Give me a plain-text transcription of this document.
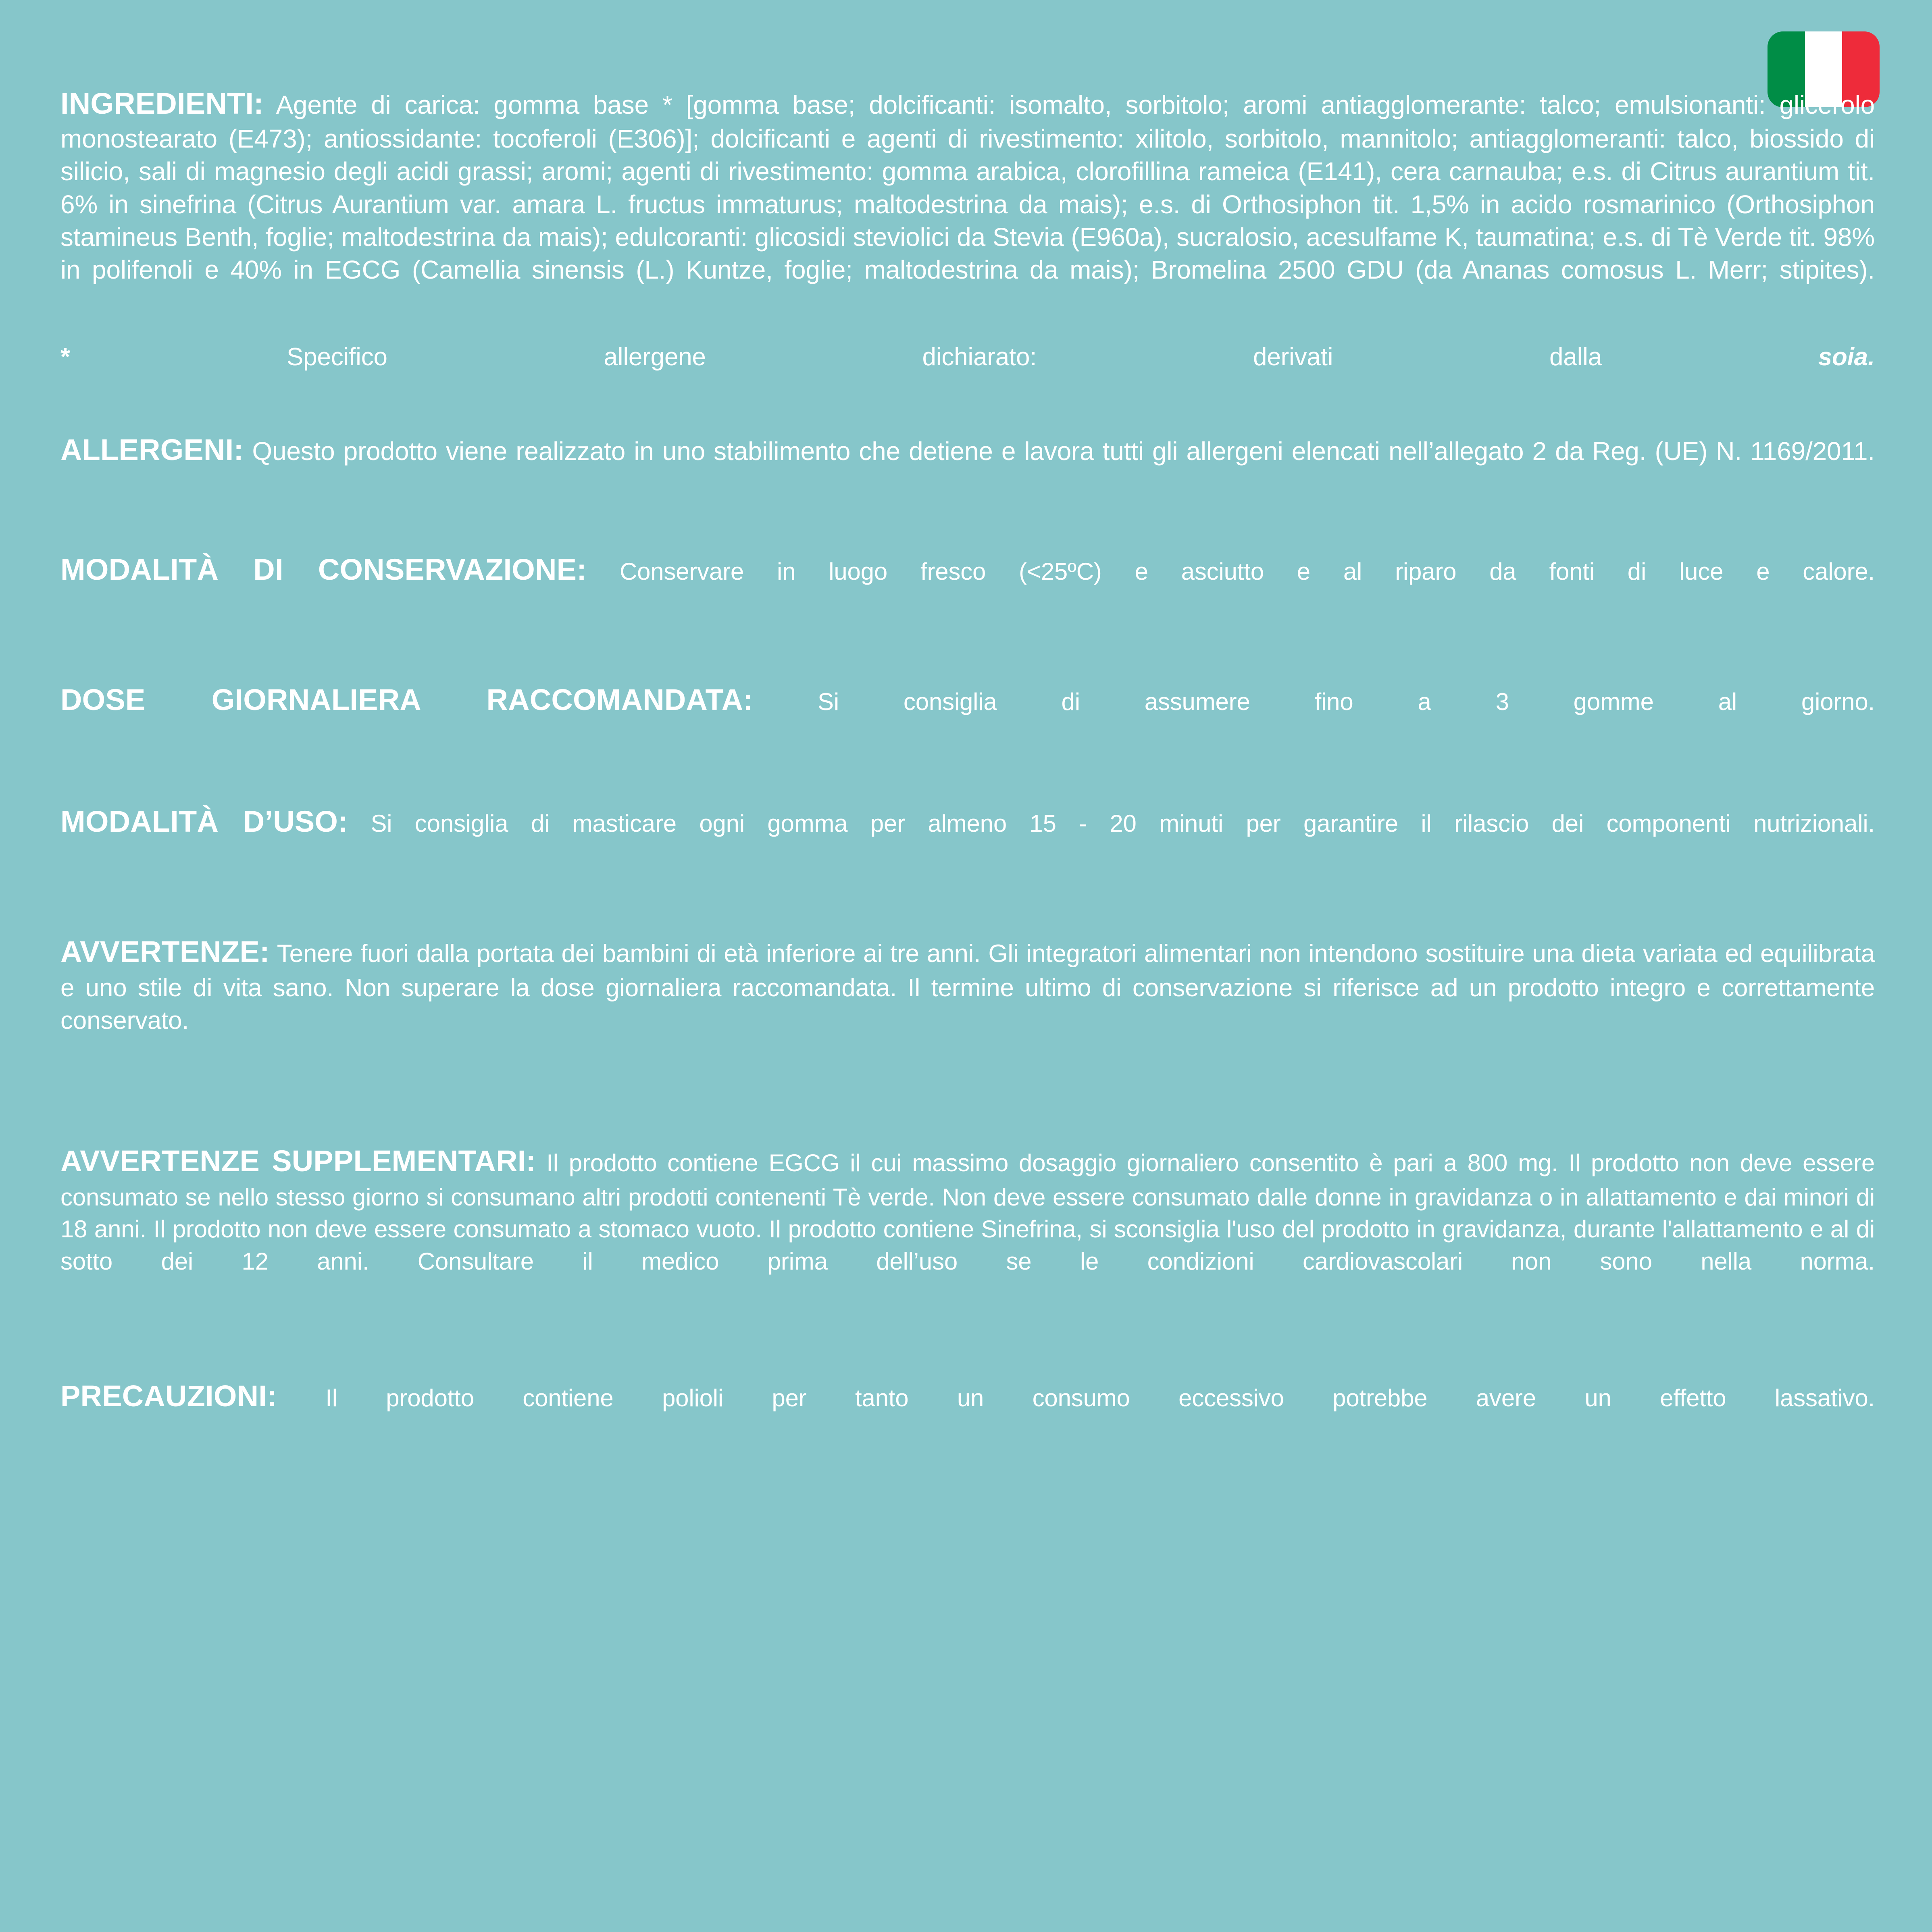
INGREDIENTI: Agente di carica: gomma base * [gomma base; dolcificanti: isomalto, sorbitolo; aromi antiagglomerante: talco; emulsionanti: glicerolo monostearato (E473); antiossidante: tocoferoli (E306)]; dolcificanti e agenti di rivestimento: xilitolo, sorbitolo, mannitolo; antiagglomeranti: talco, biossido di silicio, sali di magnesio degli acidi grassi; aromi; agenti di rivestimento: gomma arabica, clorofillina rameica (E141), cera carnauba; e.s. di Citrus aurantium tit. 6% in sinefrina (Citrus Aurantium var. amara L. fructus immaturus; maltodestrina da mais); e.s. di Orthosiphon tit. 1,5% in acido rosmarinico (Orthosiphon stamineus Benth, foglie; maltodestrina da mais); edulcoranti: glicosidi steviolici da Stevia (E960a), sucralosio, acesulfame K, taumatina; e.s. di Tè Verde tit. 98% in polifenoli e 40% in EGCG (Camellia sinensis (L.) Kuntze, foglie; maltodestrina da mais); Bromelina 2500 GDU (da Ananas comosus L. Merr; stipites).

* Specifico allergene dichiarato: derivati dalla soia.

ALLERGENI: Questo prodotto viene realizzato in uno stabilimento che detiene e lavora tutti gli allergeni elencati nell’allegato 2 da Reg. (UE) N. 1169/2011.

MODALITÀ DI CONSERVAZIONE: Conservare in luogo fresco (<25ºC) e asciutto e al riparo da fonti di luce e calore.

DOSE GIORNALIERA RACCOMANDATA:	Si consiglia di assumere fino a 3 gomme al giorno.

MODALITÀ D’USO: Si consiglia di masticare ogni gomma per almeno 15 - 20 minuti per garantire il rilascio dei componenti nutrizionali.

AVVERTENZE: Tenere fuori dalla portata dei bambini di età inferiore ai tre anni. Gli integratori alimentari non intendono sostituire una dieta variata ed equilibrata e uno stile di vita sano. Non superare la dose giornaliera raccomandata. Il termine ultimo di conservazione si riferisce ad un prodotto integro e correttamente conservato.

AVVERTENZE SUPPLEMENTARI: Il prodotto contiene EGCG il cui massimo dosaggio giornaliero consentito è pari a 800 mg. Il prodotto non deve essere consumato se nello stesso giorno si consumano altri prodotti contenenti Tè verde. Non deve essere consumato dalle donne in gravidanza o in allattamento e dai minori di 18 anni. Il prodotto non deve essere consumato a stomaco vuoto. Il prodotto contiene Sinefrina, si sconsiglia l'uso del prodotto in gravidanza, durante l'allattamento e al di sotto dei 12 anni. Consultare il medico prima dell’uso se le condizioni cardiovascolari non sono nella norma.

PRECAUZIONI: Il prodotto contiene polioli per tanto un consumo eccessivo potrebbe avere un effetto lassativo.
